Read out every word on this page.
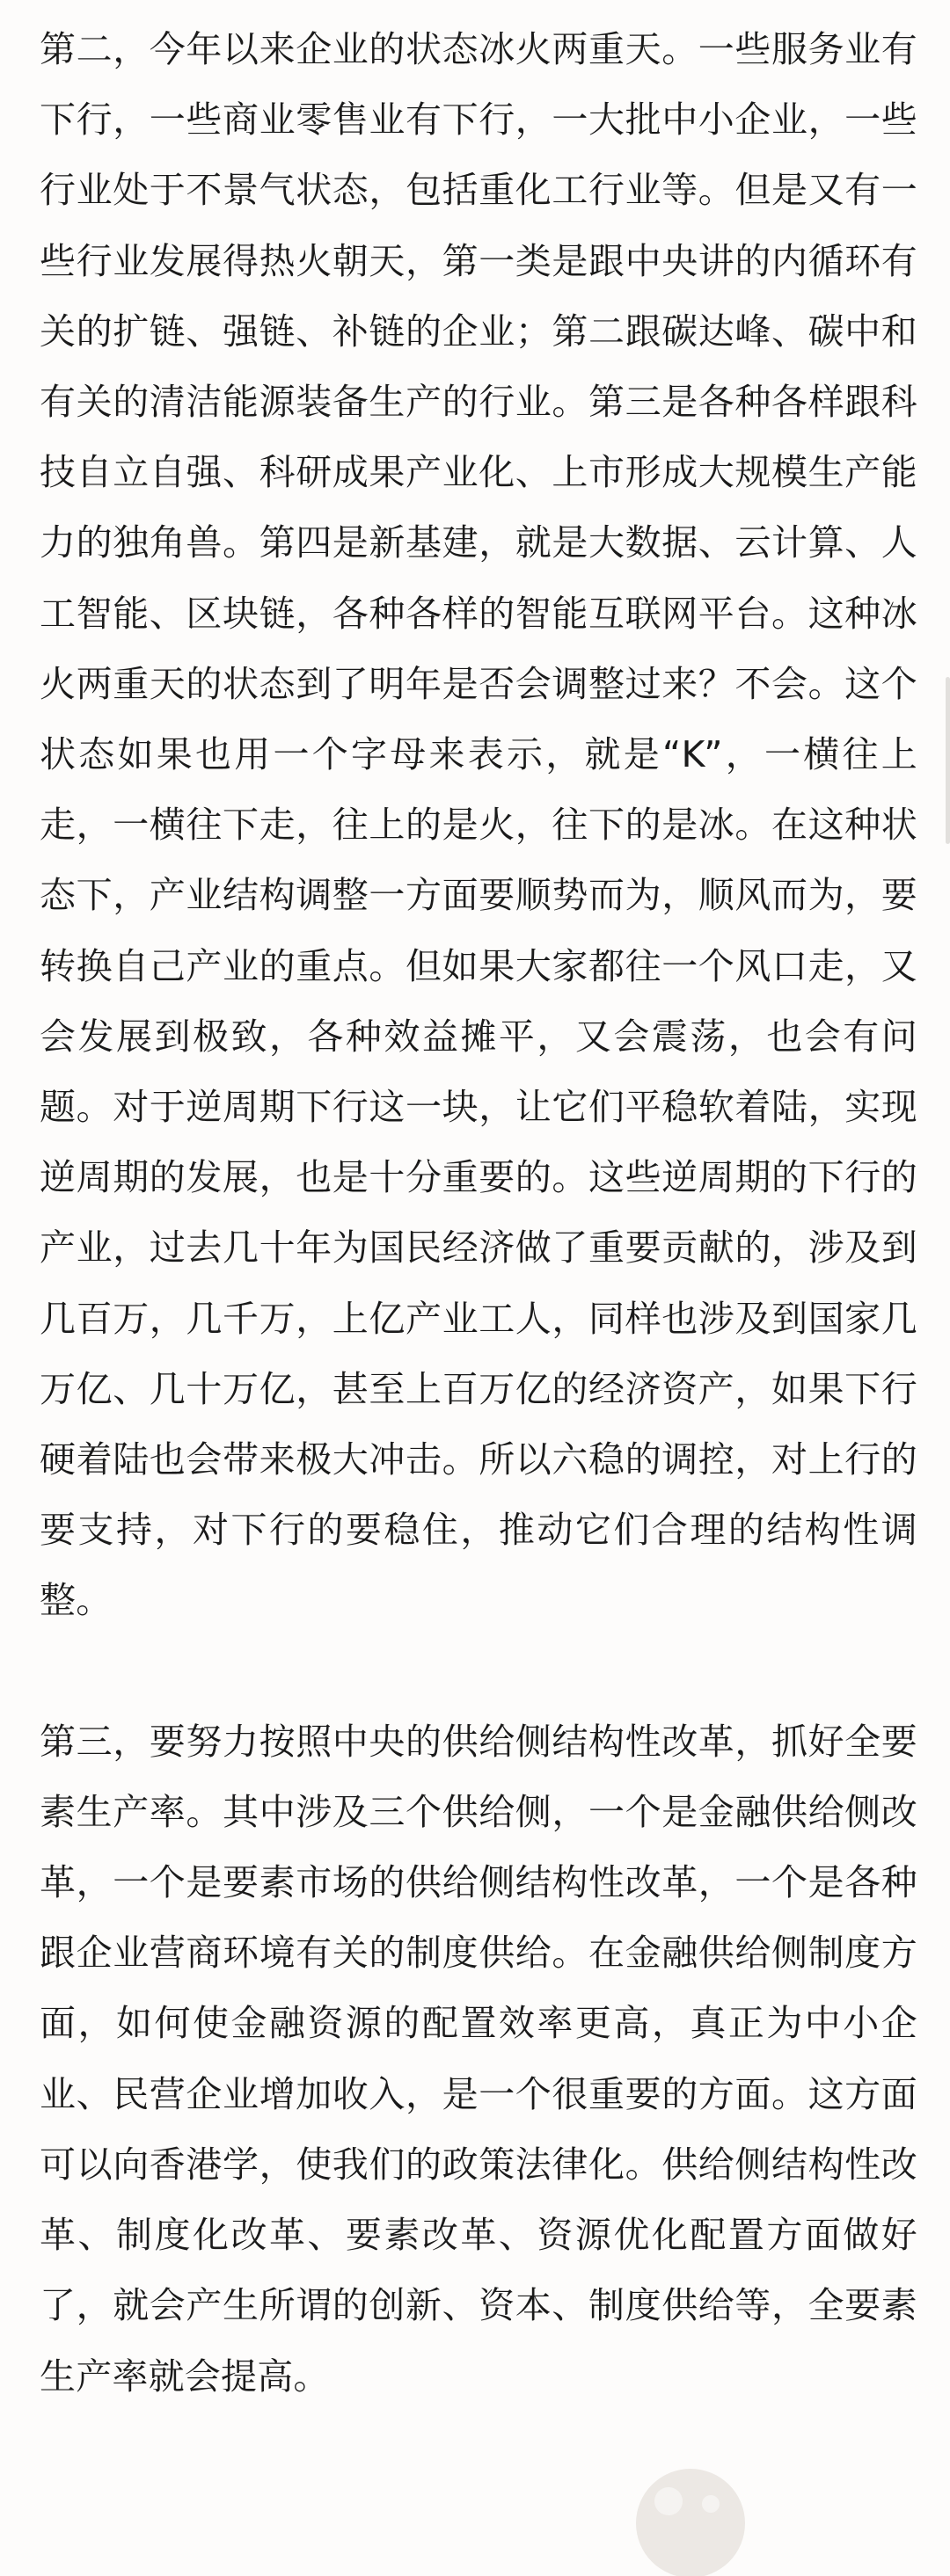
第二，今年以来企业的状态冰火两重天。一些服务业有下行，一些商业零售业有下行，一大批中小企业，一些行业处于不景气状态，包括重化工行业等。但是又有一些行业发展得热火朝天，第一类是跟中央讲的内循环有关的扩链、强链、补链的企业；第二跟碳达峰、碳中和有关的清洁能源装备生产的行业。第三是各种各样跟科技自立自强、科研成果产业化、上市形成大规模生产能力的独角兽。第四是新基建，就是大数据、云计算、人工智能、区块链，各种各样的智能互联网平台。这种冰火两重天的状态到了明年是否会调整过来？不会。这个状态如果也用一个字母来表示，就是“K”，一横往上走，一横往下走，往上的是火，往下的是冰。在这种状态下，产业结构调整一方面要顺势而为，顺风而为，要转换自己产业的重点。但如果大家都往一个风口走，又会发展到极致，各种效益摊平，又会震荡，也会有问题。对于逆周期下行这一块，让它们平稳软着陆，实现逆周期的发展，也是十分重要的。这些逆周期的下行的产业，过去几十年为国民经济做了重要贡献的，涉及到几百万，几千万，上亿产业工人，同样也涉及到国家几万亿、几十万亿，甚至上百万亿的经济资产，如果下行硬着陆也会带来极大冲击。所以六稳的调控，对上行的要支持，对下行的要稳住，推动它们合理的结构性调整。

第三，要努力按照中央的供给侧结构性改革，抓好全要素生产率。其中涉及三个供给侧，一个是金融供给侧改革，一个是要素市场的供给侧结构性改革，一个是各种跟企业营商环境有关的制度供给。在金融供给侧制度方面，如何使金融资源的配置效率更高，真正为中小企业、民营企业增加收入，是一个很重要的方面。这方面可以向香港学，使我们的政策法律化。供给侧结构性改革、制度化改革、要素改革、资源优化配置方面做好了，就会产生所谓的创新、资本、制度供给等，全要素生产率就会提高。
